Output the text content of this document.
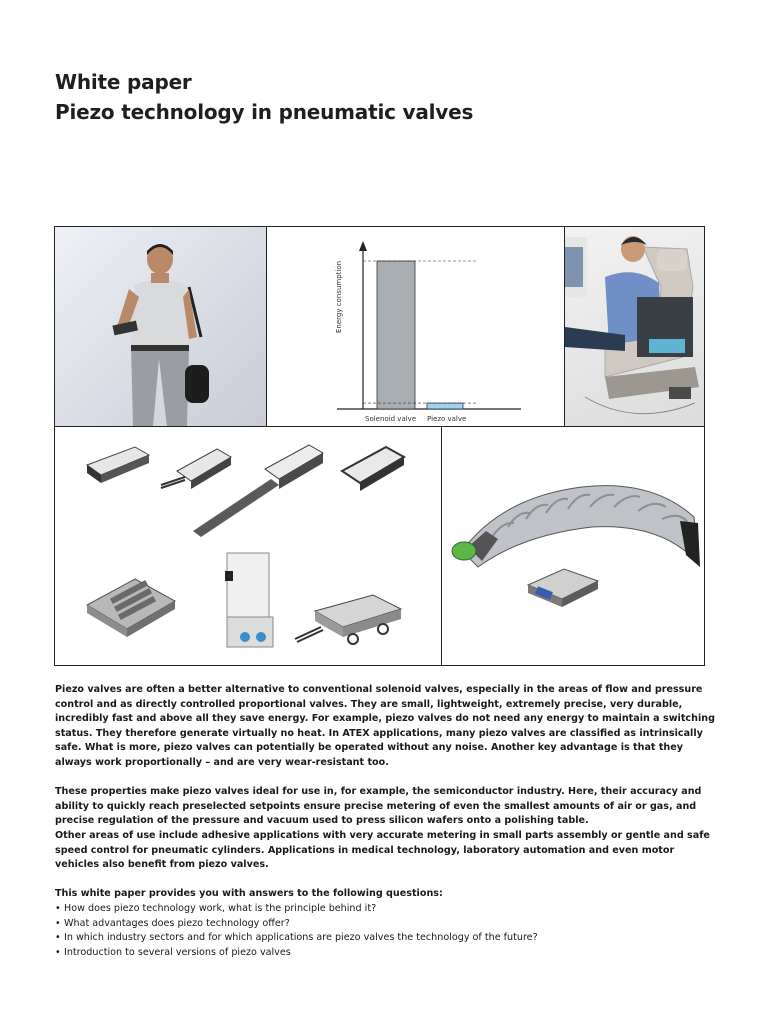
White paper
Piezo technology in pneumatic valves
Energy consumption
Solenoid valve Piezo valve

Piezo valves are often a better alternative to conventional solenoid valves, especially in the areas of flow and pressure control and as directly controlled proportional valves. They are small, lightweight, extremely precise, very durable, incredibly fast and above all they save energy. For example, piezo valves do not need any energy to maintain a switching status. They therefore generate virtually no heat. In ATEX applications, many piezo valves are classified as intrinsically safe. What is more, piezo valves can potentially be operated without any noise. Another key advantage is that they always work proportionally – and are very wear-resistant too.

These properties make piezo valves ideal for use in, for example, the semiconductor industry. Here, their accuracy and ability to quickly reach preselected setpoints ensure precise metering of even the smallest amounts of air or gas, and precise regulation of the pressure and vacuum used to press silicon wafers onto a polishing table.

Other areas of use include adhesive applications with very accurate metering in small parts assembly or gentle and safe speed control for pneumatic cylinders. Applications in medical technology, laboratory automation and even motor vehicles also benefit from piezo valves.

This white paper provides you with answers to the following questions:
• How does piezo technology work, what is the principle behind it?
• What advantages does piezo technology offer?
• In which industry sectors and for which applications are piezo valves the technology of the future?
• Introduction to several versions of piezo valves
